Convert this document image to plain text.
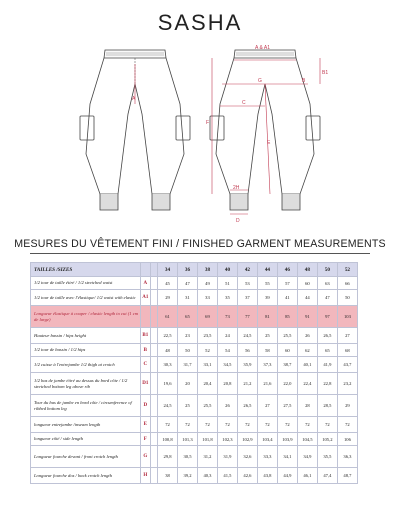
SASHA
A
A & A1
B1
C
E
F
G	B
2H
D
MESURES DU VÊTEMENT FINI / FINISHED GARMENT MEASUREMENTS
TAILLES /SIZES			34	36	38	40	42	44	46	48	50	52
1/2 tour de taille étiré / 1/2 stretched waist	A		45	47	49	51	53	55	57	60	63	66
1/2 tour de taille avec l'élastique/ 1/2 waist with elastic	A1		29	31	33	35	37	39	41	44	47	50
Longueur élastique à couper / elastic length to cut (1 cm de large)			61	65	69	73	77	81	85	91	97	103
Hauteur bassin / hips height	B1		22,5	23	23,5	24	24,5	25	25,5	26	26,5	27
1/2 tour de bassin / 1/2 hips	B		48	50	52	54	56	58	60	62	65	68
1/2 cuisse à l'entrejambe 1/2 thigh at crotch	C		30,3	31,7	33,1	34,5	35,9	37,3	38,7	40,1	41,9	43,7
1/2 bas de jambe étiré au dessus du bord côte / 1/2 stretched bottom leg above rib	D1		19,6	20	20,4	20,8	21,2	21,6	22,0	22,4	22,8	23,2
Tour du bas de jambe en bord côte / circumference of ribbed bottom leg	D		24,5	25	25,5	26	26,5	27	27,5	28	28,5	29
longueur entrejambe /inseam length	E		72	72	72	72	72	72	72	72	72	72
longueur côté / side length	F		100,8	101,3	101,8	102,3	102,9	103,4	103,9	104,5	105,2	106
Longueur fourche devant / front crotch length	G		29,8	30,5	31,2	31,9	32,6	33,3	34,1	34,9	35,5	36,3
Longueur fourche dos / back crotch length	H		38	39,2	40,3	41,5	42,6	43,8	44,9	46,1	47,4	48,7
